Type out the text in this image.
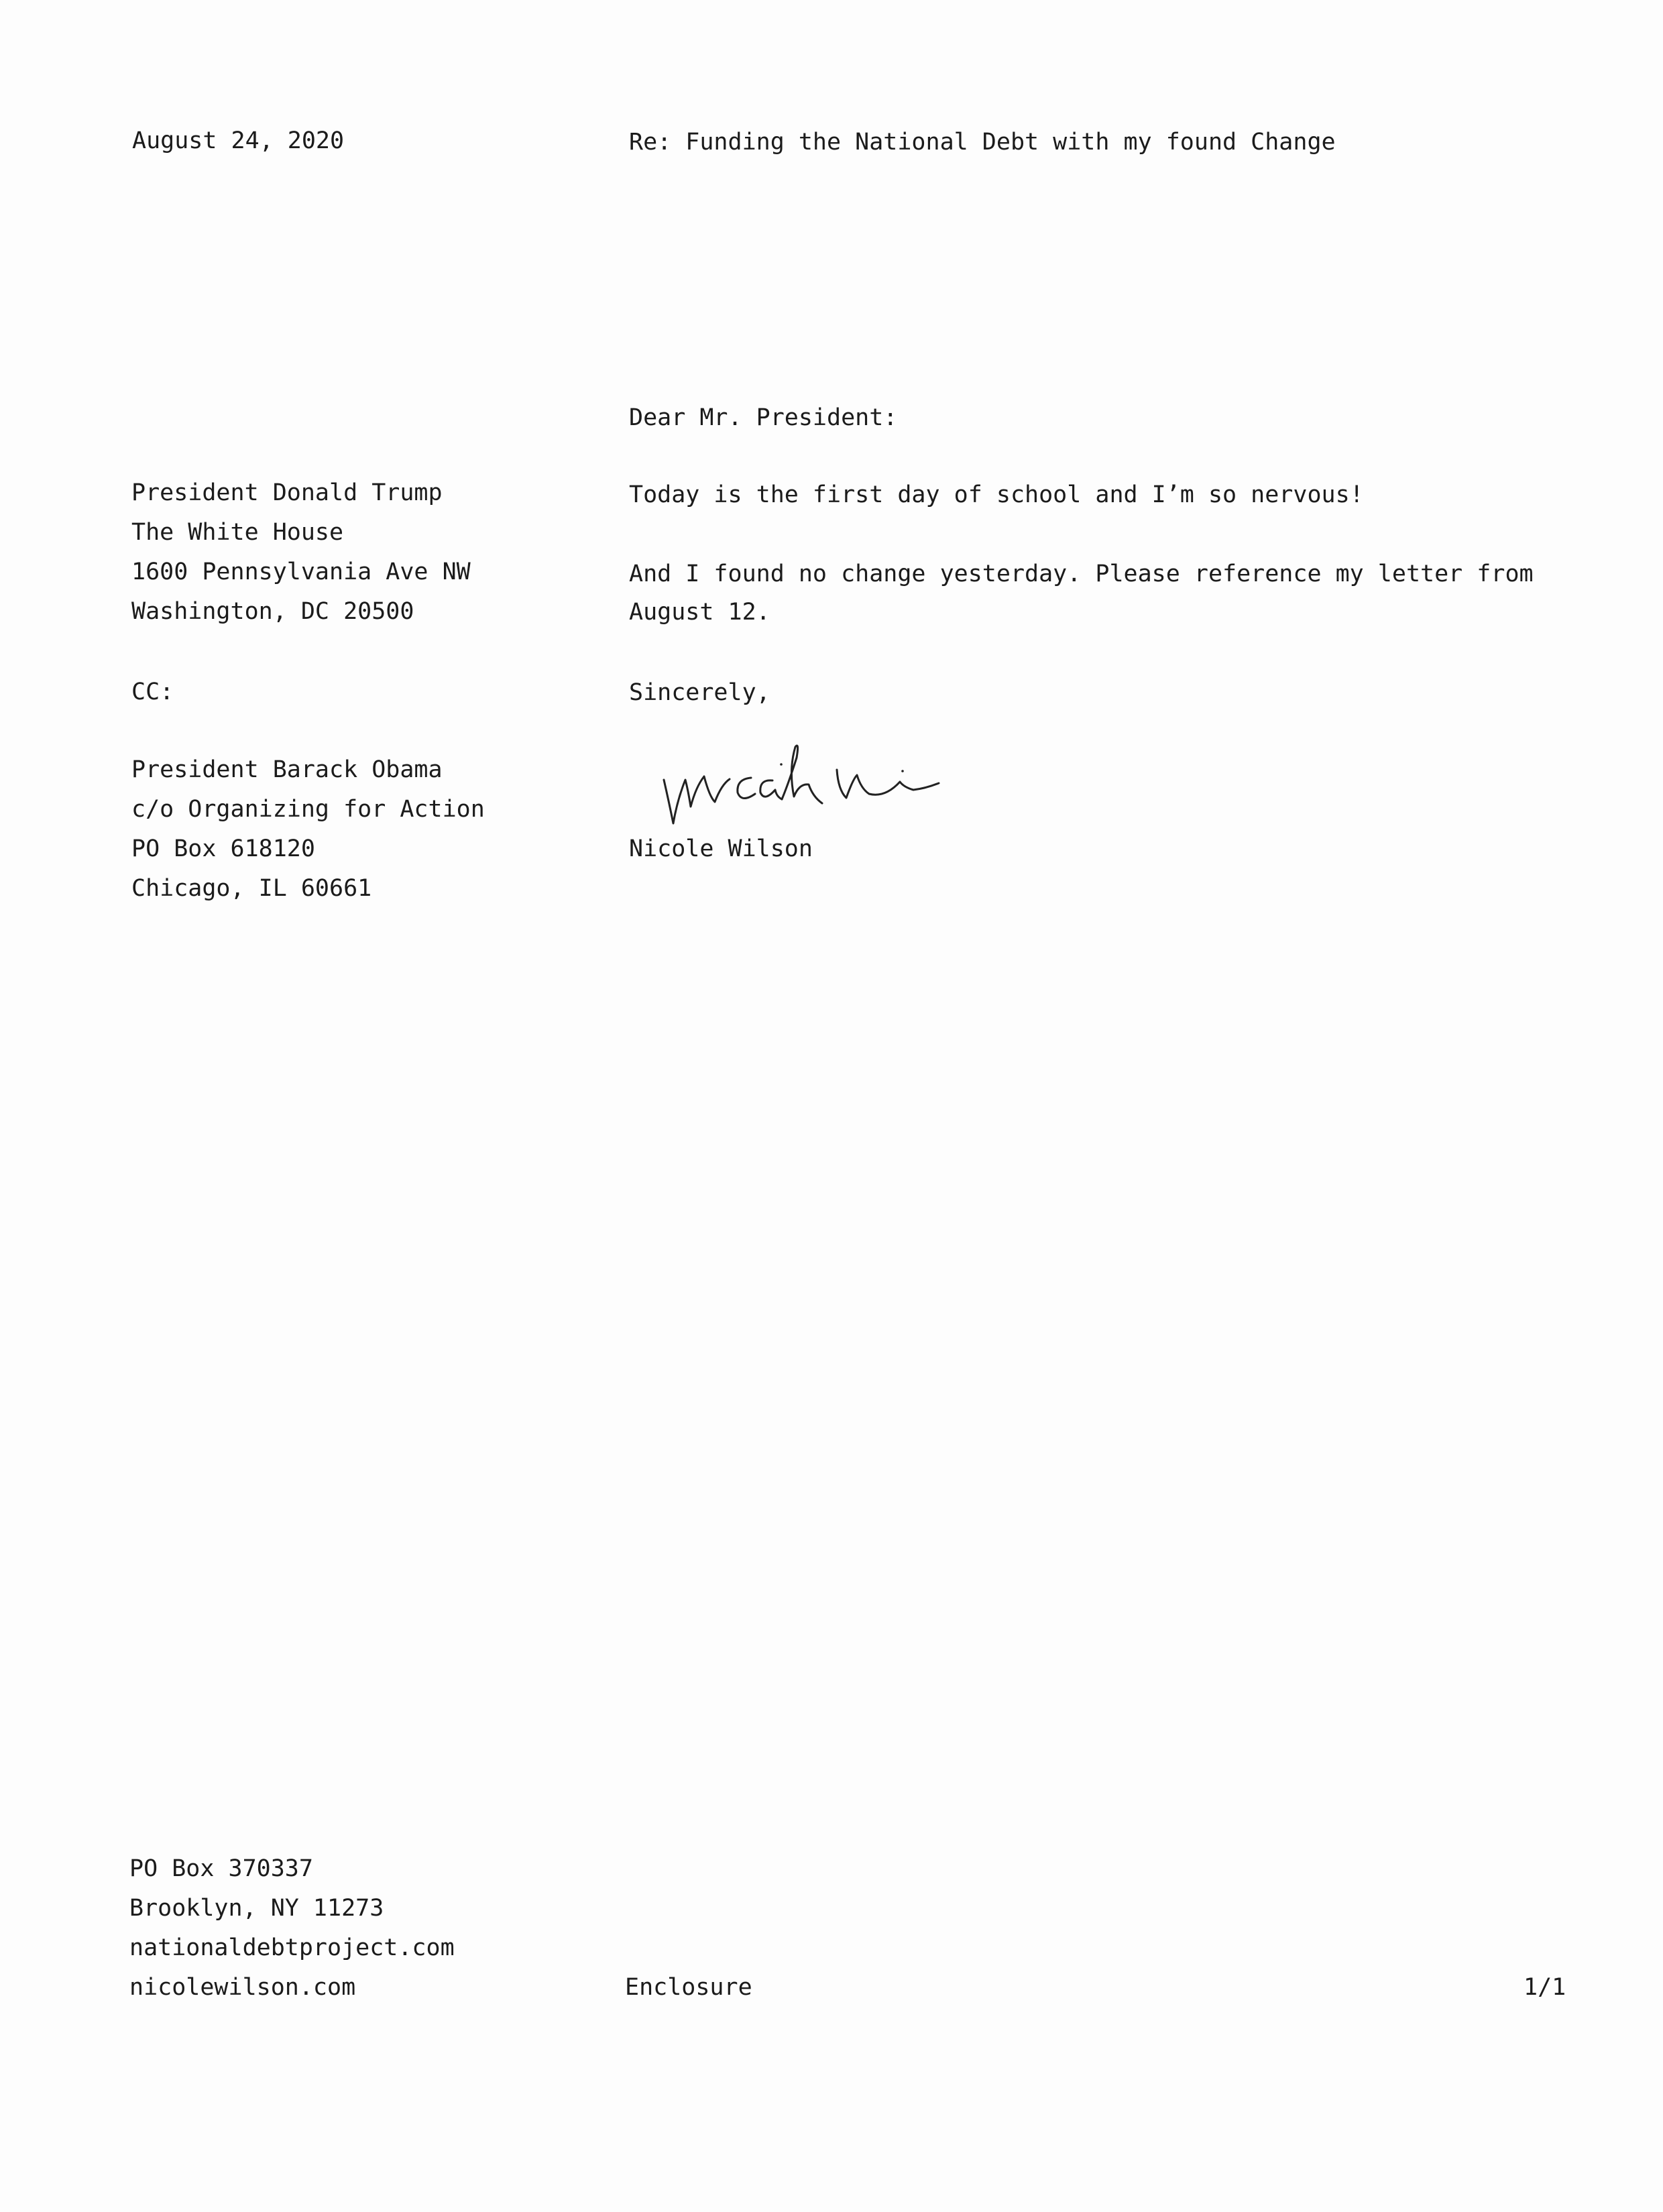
August 24, 2020	Re: Funding the National Debt with my found Change
Dear Mr. President:
President Donald Trump
The White House
1600 Pennsylvania Ave NW
Washington, DC 20500
Today is the first day of school and I’m so nervous!
And I found no change yesterday. Please reference my letter from
August 12.
CC:	Sincerely,
President Barack Obama
c/o Organizing for Action
PO Box 618120
Chicago, IL 60661
Nicole Wilson
PO Box 370337
Brooklyn, NY 11273
nationaldebtproject.com
nicolewilson.com	Enclosure	1/1
